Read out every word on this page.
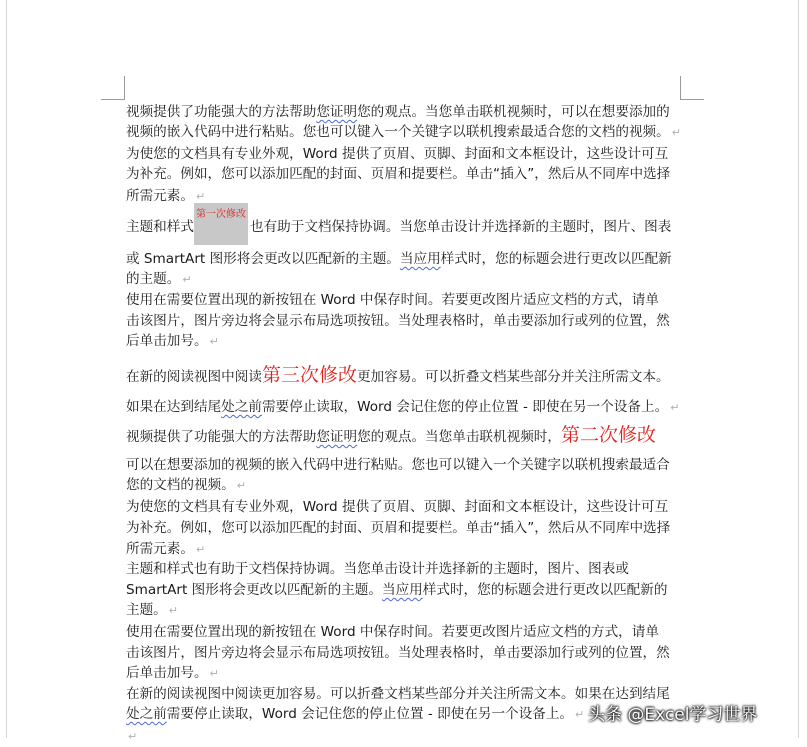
第一次修改
视频提供了功能强大的方法帮助您证明您的观点。当您单击联机视频时，可以在想要添加的
视频的嵌入代码中进行粘贴。您也可以键入一个关键字以联机搜索最适合您的文档的视频。 ↵
为使您的文档具有专业外观，Word 提供了页眉、页脚、封面和文本框设计，这些设计可互
为补充。例如，您可以添加匹配的封面、页眉和提要栏。单击“插入”，然后从不同库中选择
所需元素。 ↵
主题和样式	也有助于文档保持协调。当您单击设计并选择新的主题时，图片、图表
或 SmartArt 图形将会更改以匹配新的主题。当应用样式时，您的标题会进行更改以匹配新
的主题。 ↵
使用在需要位置出现的新按钮在 Word 中保存时间。若要更改图片适应文档的方式，请单
击该图片，图片旁边将会显示布局选项按钮。当处理表格时，单击要添加行或列的位置，然
后单击加号。 ↵
在新的阅读视图中阅读第三次修改更加容易。可以折叠文档某些部分并关注所需文本。
如果在达到结尾处之前需要停止读取，Word 会记住您的停止位置 - 即使在另一个设备上。 ↵
视频提供了功能强大的方法帮助您证明您的观点。当您单击联机视频时，第二次修改
可以在想要添加的视频的嵌入代码中进行粘贴。您也可以键入一个关键字以联机搜索最适合
您的文档的视频。 ↵
为使您的文档具有专业外观，Word 提供了页眉、页脚、封面和文本框设计，这些设计可互
为补充。例如，您可以添加匹配的封面、页眉和提要栏。单击“插入”，然后从不同库中选择
所需元素。 ↵
主题和样式也有助于文档保持协调。当您单击设计并选择新的主题时，图片、图表或
SmartArt 图形将会更改以匹配新的主题。当应用样式时，您的标题会进行更改以匹配新的
主题。 ↵
使用在需要位置出现的新按钮在 Word 中保存时间。若要更改图片适应文档的方式，请单
击该图片，图片旁边将会显示布局选项按钮。当处理表格时，单击要添加行或列的位置，然
后单击加号。 ↵
在新的阅读视图中阅读更加容易。可以折叠文档某些部分并关注所需文本。如果在达到结尾
处之前需要停止读取，Word 会记住您的停止位置 - 即使在另一个设备上。 ↵
↵
头条 @Excel学习世界
